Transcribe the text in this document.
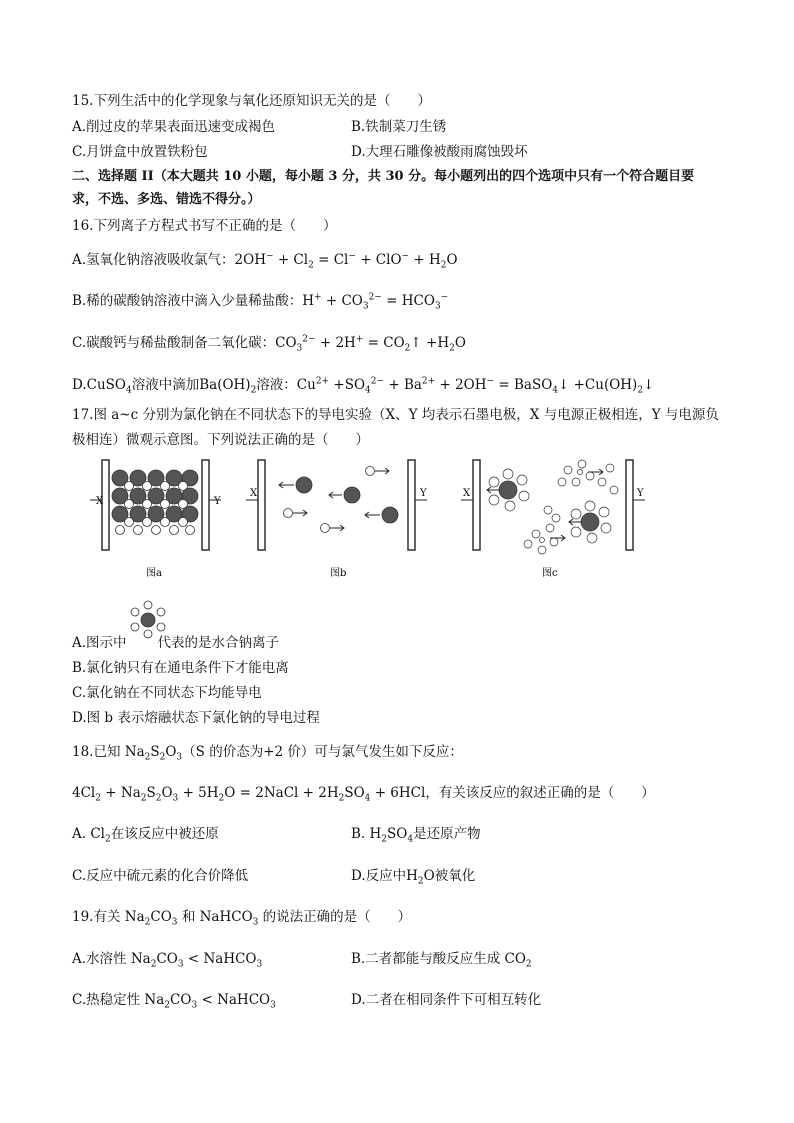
15.下列生活中的化学现象与氧化还原知识无关的是（　　）
A.削过皮的苹果表面迅速变成褐色	B.铁制菜刀生锈
C.月饼盒中放置铁粉包	D.大理石雕像被酸雨腐蚀毁坏
二、选择题 II（本大题共 10 小题，每小题 3 分，共 30 分。每小题列出的四个选项中只有一个符合题目要
求，不选、多选、错选不得分。）
16.下列离子方程式书写不正确的是（　　）
A.氢氧化钠溶液吸收氯气：$2OH^- + Cl_2 = Cl^- + ClO^- + H_2O$
B.稀的碳酸钠溶液中滴入少量稀盐酸：$H^+ + CO_3^{2-} = HCO_3^-$
C.碳酸钙与稀盐酸制备二氧化碳：$CO_3^{2-} + 2H^+$ = $CO_2↑ +H_2O$
D.CuSO$_4$溶液中滴加$Ba(OH)_2$溶液：$Cu^{2+} +SO_4^{2-} + Ba^{2+} + 2OH^-$ = BaSO$_4$↓ $+Cu(OH)_2↓$
17.图 a~c 分别为氯化钠在不同状态下的导电实验（X、Y 均表示石墨电极，X 与电源正极相连，Y 与电源负
极相连）微观示意图。下列说法正确的是（　　）
X	Y
X	Y	X	Y
图a	图b	图c
A.图示中 代表的是水合钠离子
B.氯化钠只有在通电条件下才能电离
C.氯化钠在不同状态下均能导电
D.图 b 表示熔融状态下氯化钠的导电过程
18.已知 $Na_2S_2O_3(S$ 的价态为+2 价）可与氯气发生如下反应：
$4Cl_2 + Na_2S_2O_3 + 5H_2O$ = 2NaCl + $2H_2SO_4 + 6HCl$，有关该反应的叙述正确的是（　　）
A. $Cl_2$在该反应中被还原	B. $H_2SO_4$是还原产物
C.反应中硫元素的化合价降低	D.反应中$H_2O$被氧化
19.有关 $Na_2CO_3$ 和 NaHCO$_3$ 的说法正确的是（　　）
A.水溶性 $Na_2CO_3$ < NaHCO$_3$	B.二者都能与酸反应生成 $CO_2$
C.热稳定性 $Na_2CO_3$ < NaHCO$_3$	D.二者在相同条件下可相互转化
